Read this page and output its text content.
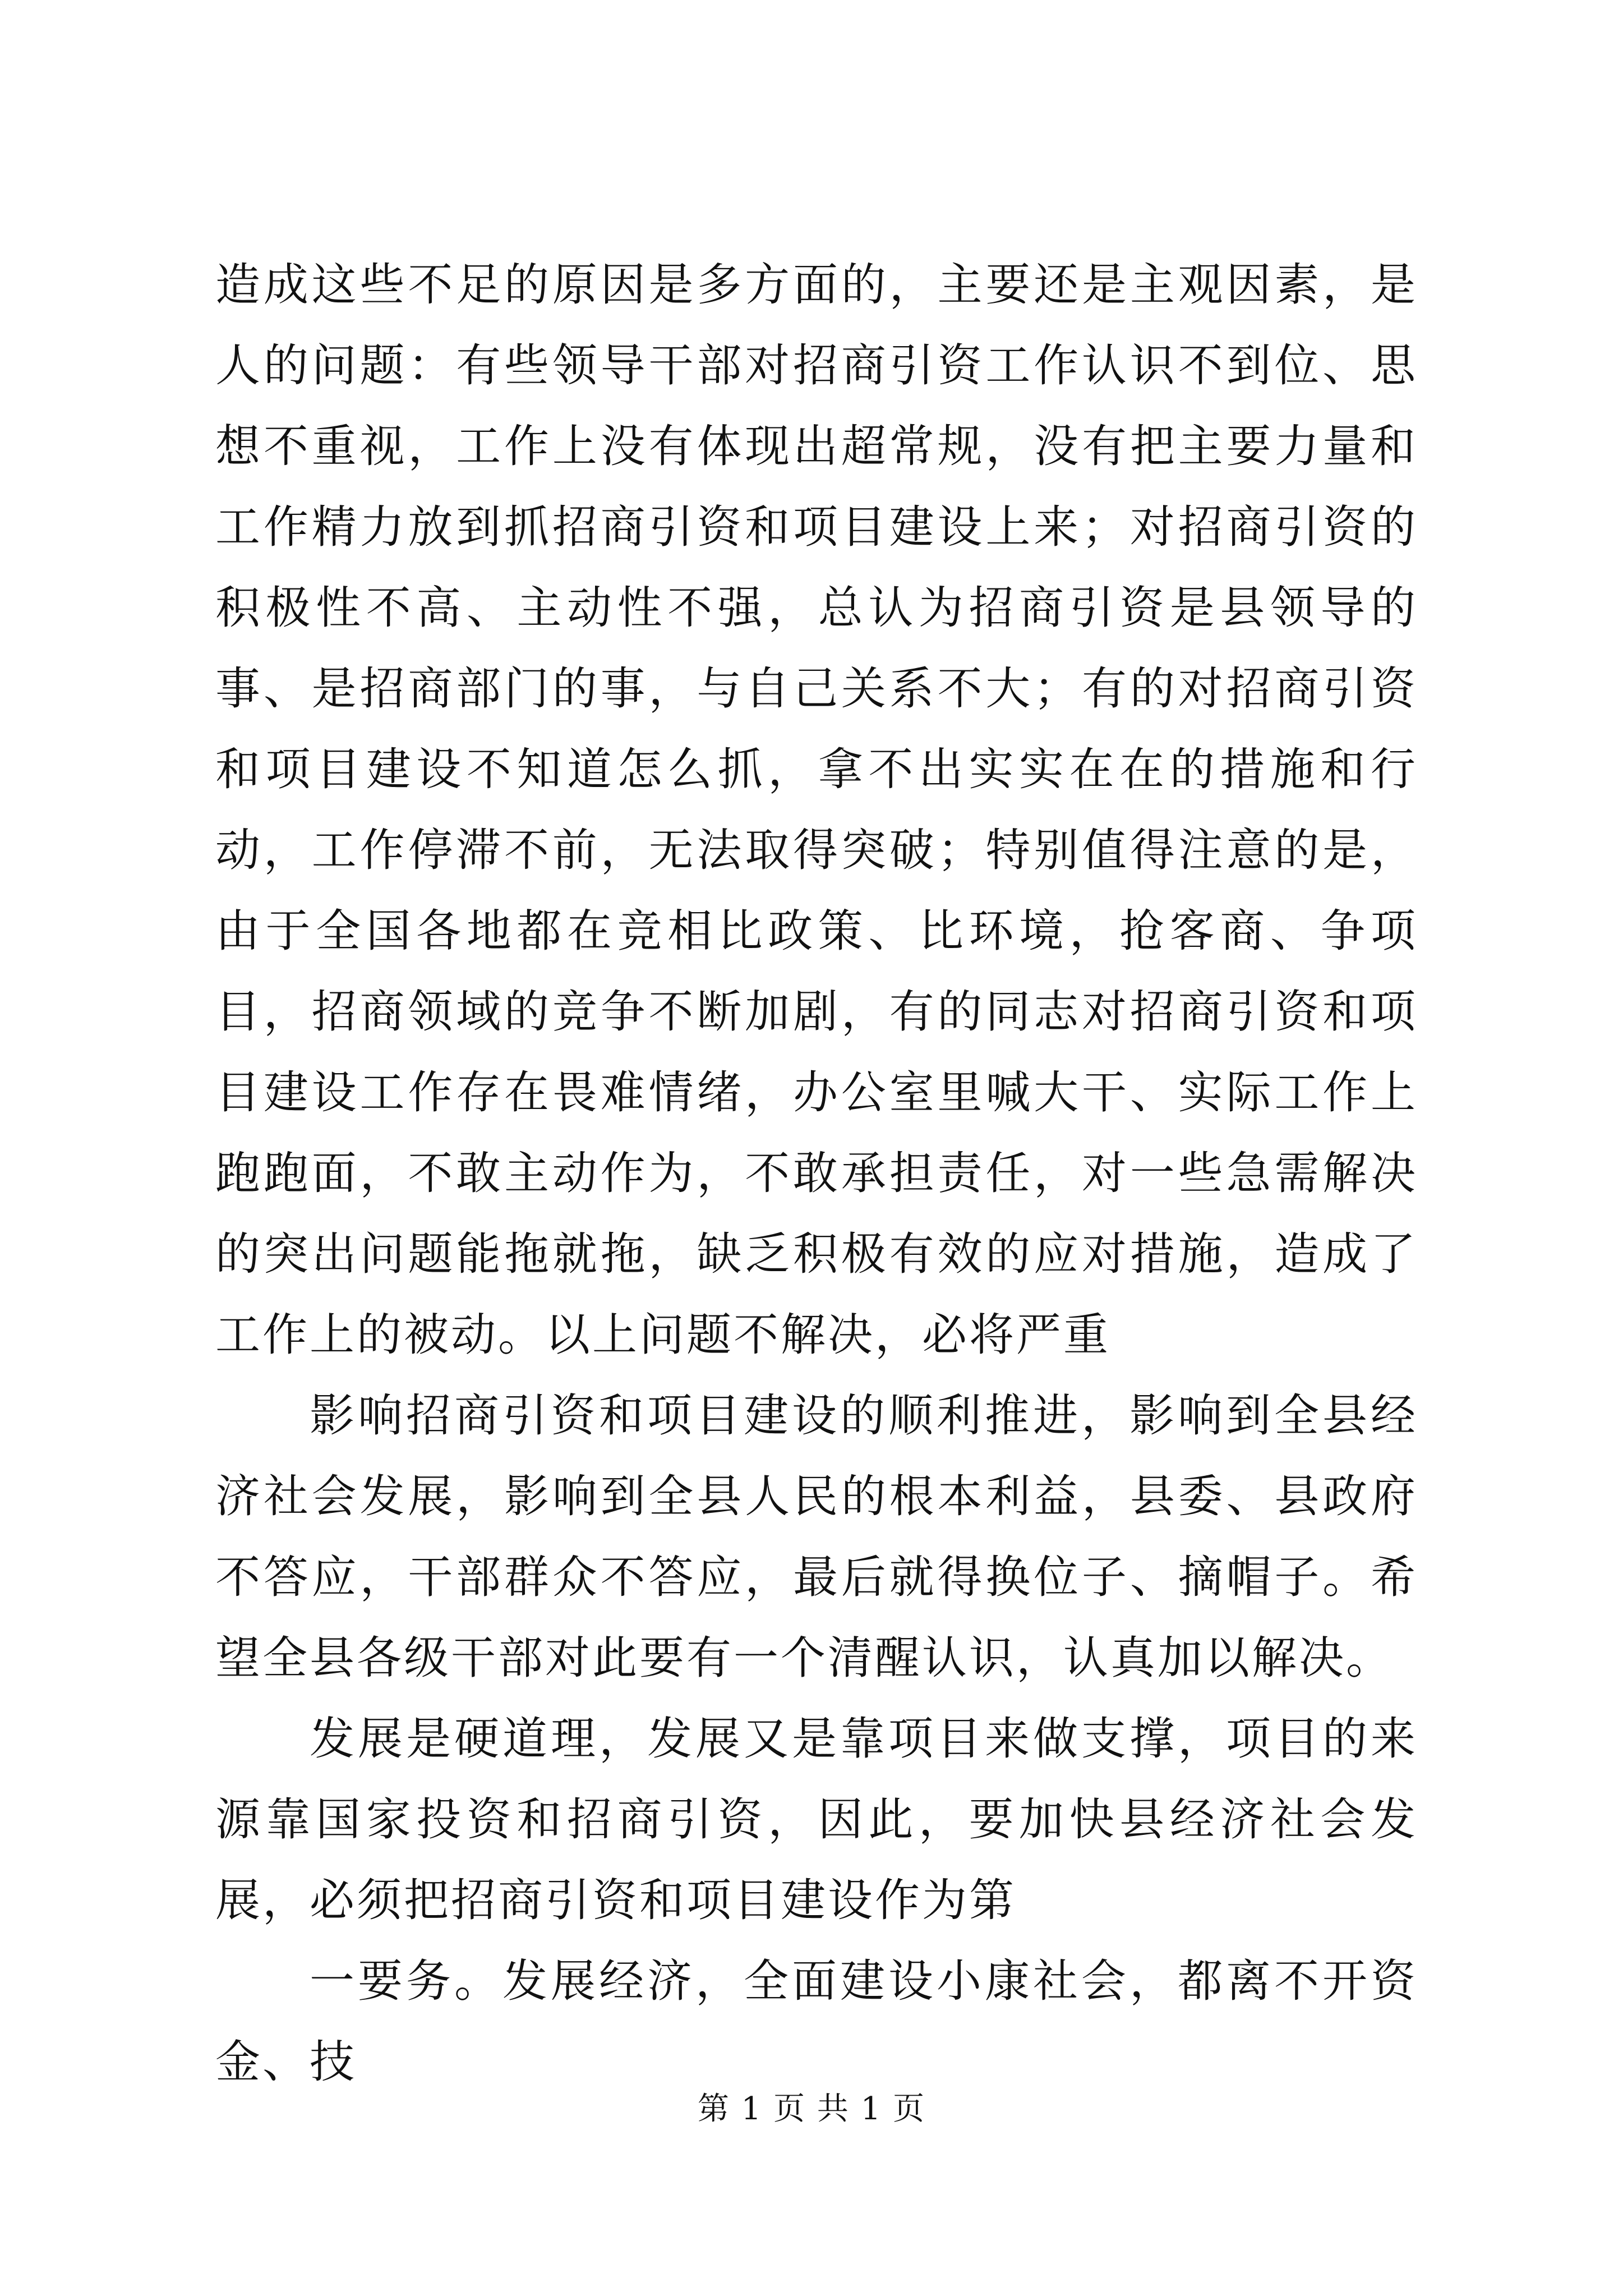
造成这些不足的原因是多方面的，主要还是主观因素，是人的问题：有些领导干部对招商引资工作认识不到位、思想不重视，工作上没有体现出超常规，没有把主要力量和工作精力放到抓招商引资和项目建设上来；对招商引资的积极性不高、主动性不强，总认为招商引资是县领导的事、是招商部门的事，与自己关系不大；有的对招商引资和项目建设不知道怎么抓，拿不出实实在在的措施和行动，工作停滞不前，无法取得突破；特别值得注意的是，由于全国各地都在竞相比政策、比环境，抢客商、争项目，招商领域的竞争不断加剧，有的同志对招商引资和项目建设工作存在畏难情绪，办公室里喊大干、实际工作上跑跑面，不敢主动作为，不敢承担责任，对一些急需解决的突出问题能拖就拖，缺乏积极有效的应对措施，造成了工作上的被动。以上问题不解决，必将严重

影响招商引资和项目建设的顺利推进，影响到全县经济社会发展，影响到全县人民的根本利益，县委、县政府不答应，干部群众不答应，最后就得换位子、摘帽子。希望全县各级干部对此要有一个清醒认识，认真加以解决。

发展是硬道理，发展又是靠项目来做支撑，项目的来源靠国家投资和招商引资，因此，要加快县经济社会发展，必须把招商引资和项目建设作为第

一要务。发展经济，全面建设小康社会，都离不开资金、技

第 1 页 共 1 页
